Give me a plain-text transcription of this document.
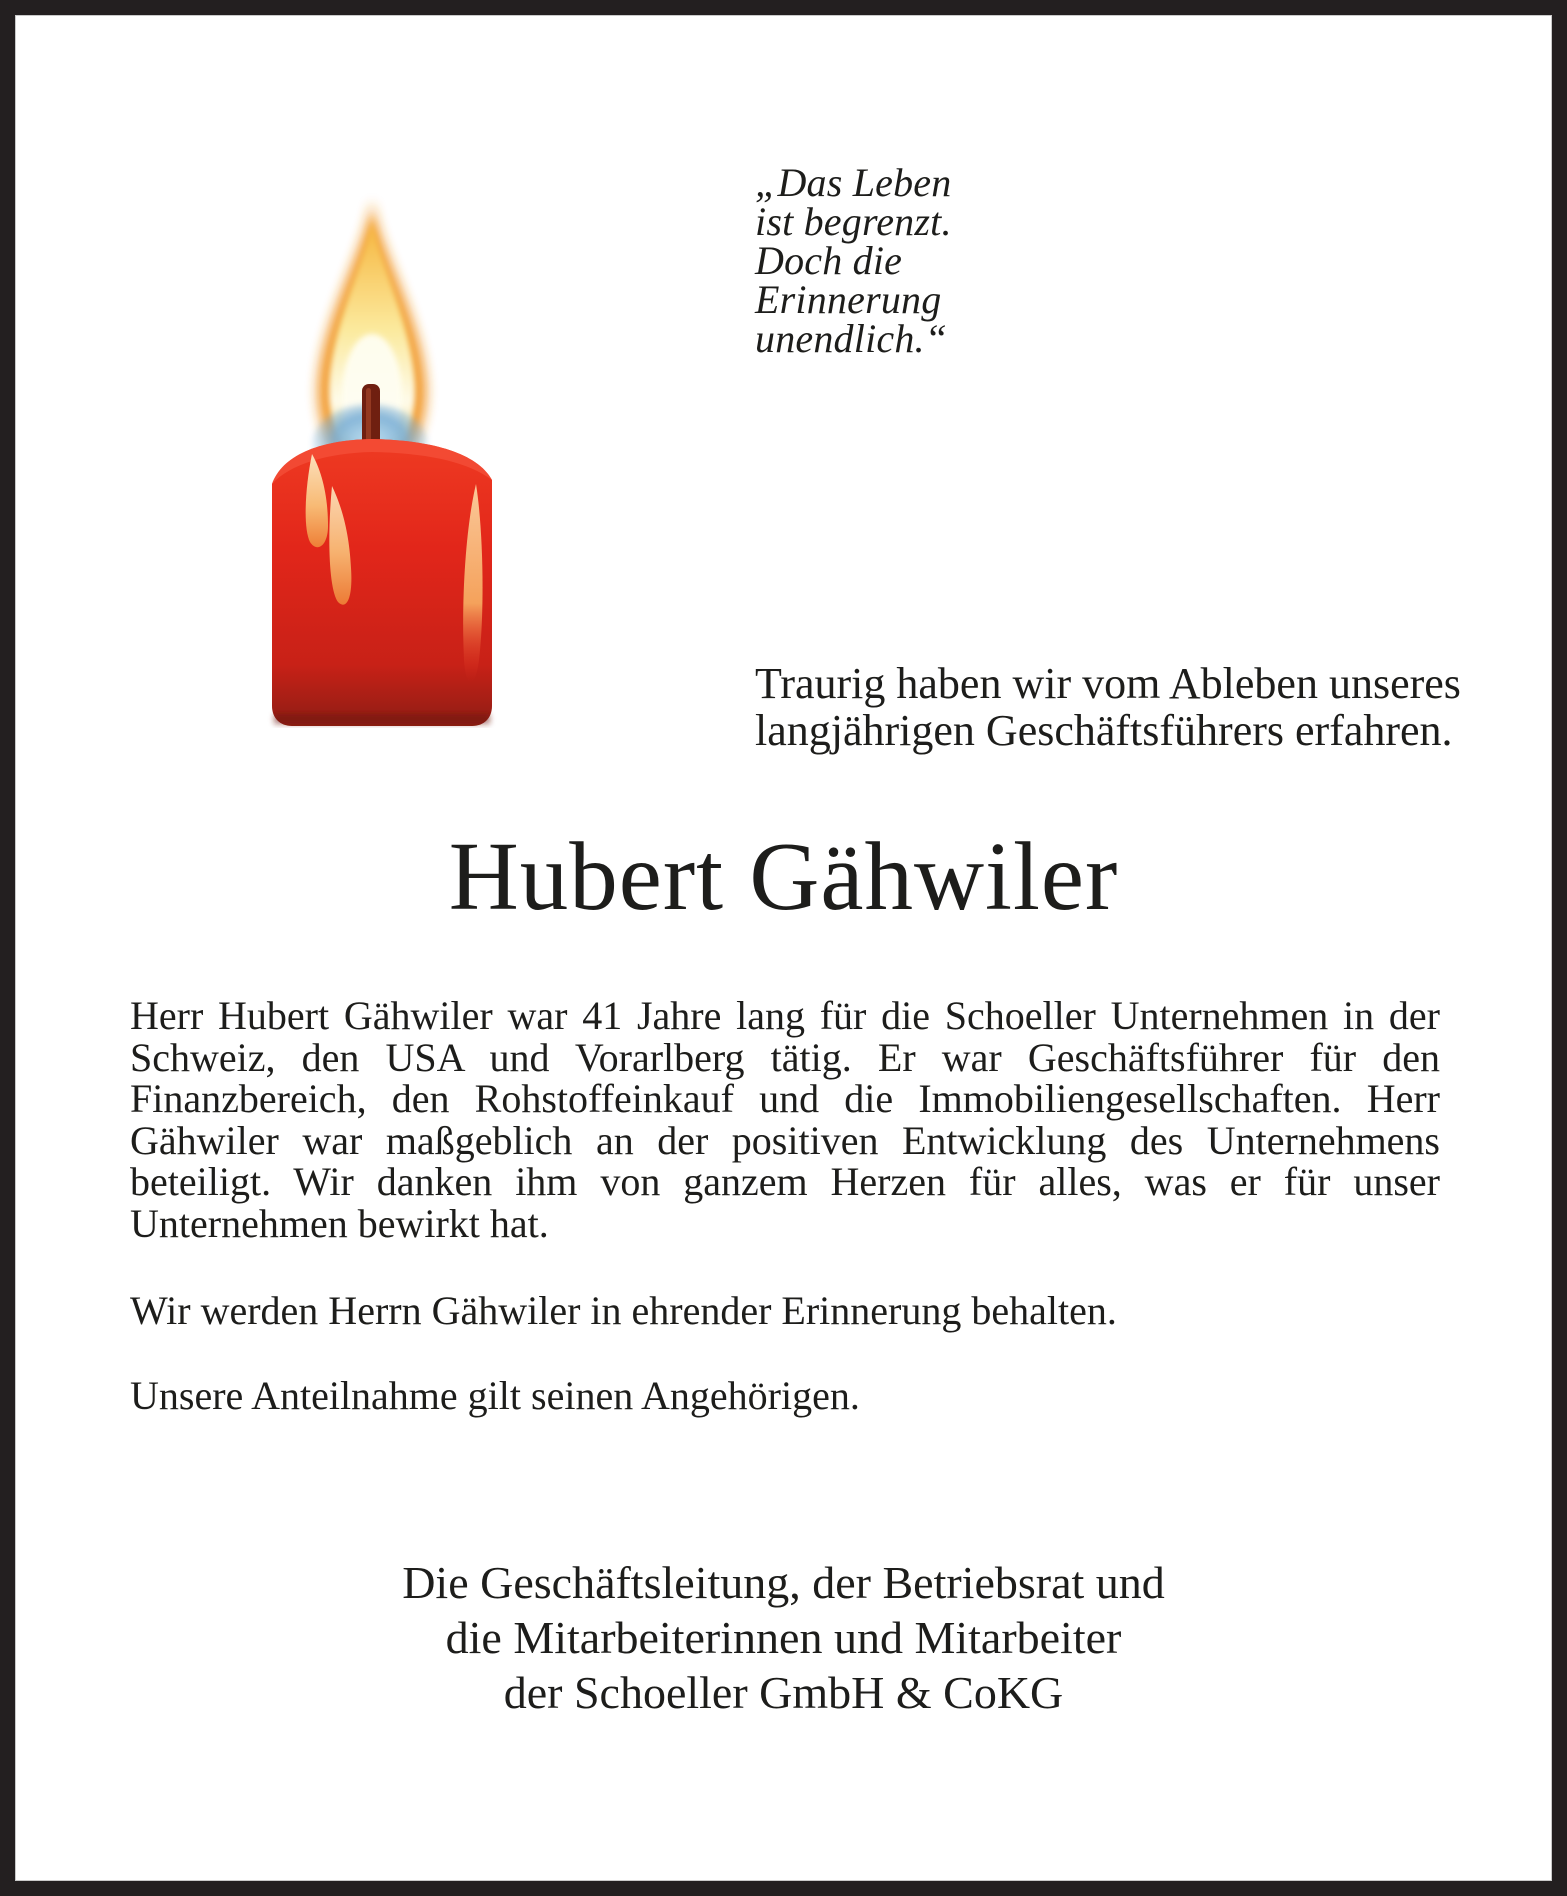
„Das Leben
ist begrenzt.
Doch die
Erinnerung
unendlich.“
Traurig haben wir vom Ableben unseres
langjährigen Geschäftsführers erfahren.
Hubert Gähwiler
Herr Hubert Gähwiler war 41 Jahre lang für die Schoeller Unternehmen in der Schweiz, den USA und Vorarlberg tätig. Er war Geschäftsführer für den Finanzbereich, den Rohstoffeinkauf und die Immobiliengesellschaften. Herr Gähwiler war maßgeblich an der positiven Entwicklung des Unternehmens beteiligt. Wir danken ihm von ganzem Herzen für alles, was er für unser Unternehmen bewirkt hat.
Wir werden Herrn Gähwiler in ehrender Erinnerung behalten.
Unsere Anteilnahme gilt seinen Angehörigen.
Die Geschäftsleitung, der Betriebsrat und
die Mitarbeiterinnen und Mitarbeiter
der Schoeller GmbH & CoKG
